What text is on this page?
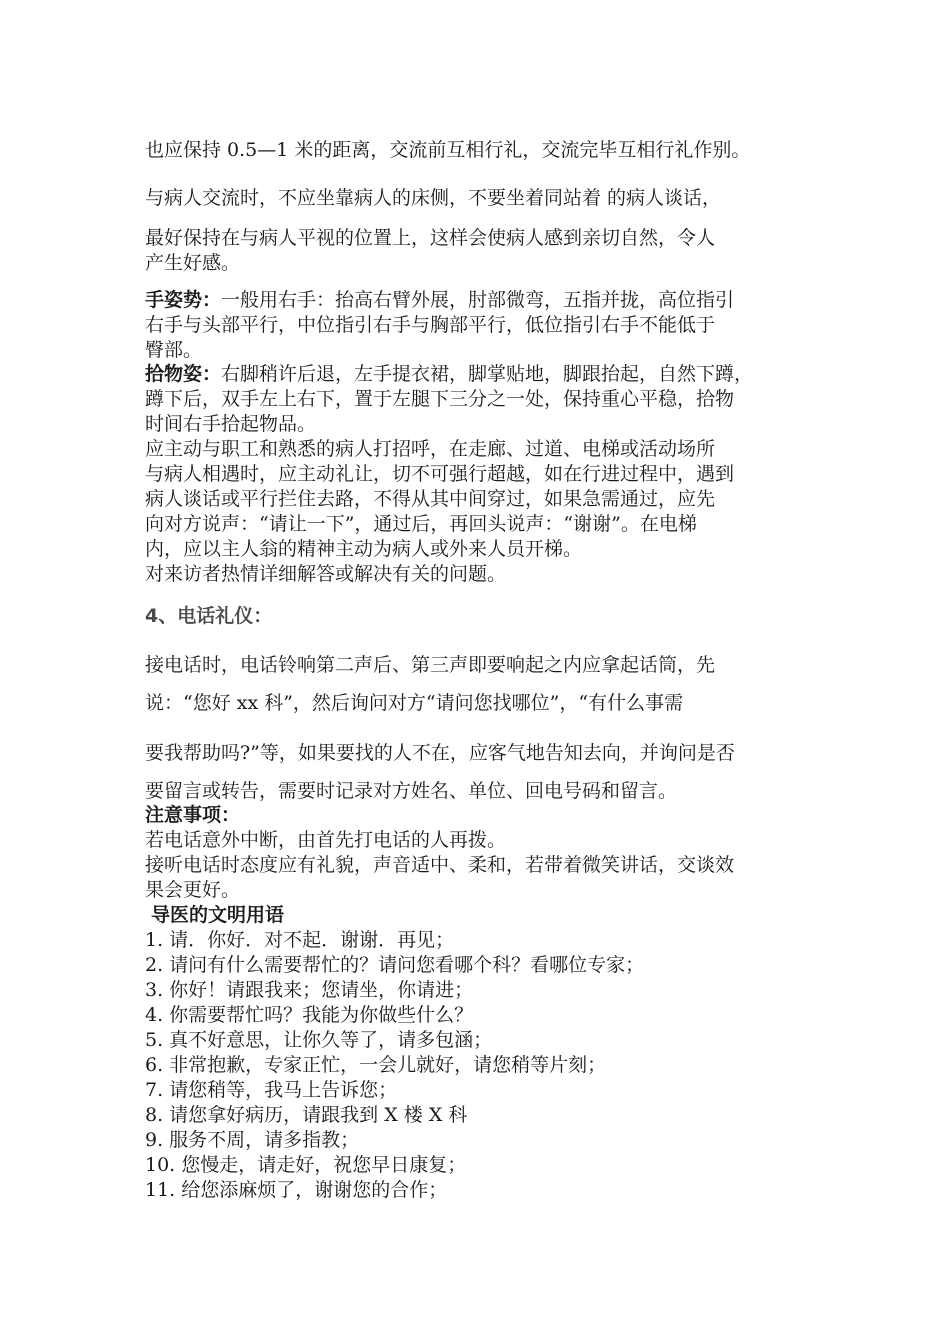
也应保持 0.5—1 米的距离，交流前互相行礼，交流完毕互相行礼作别。
与病人交流时，不应坐靠病人的床侧，不要坐着同站着 的病人谈话，
最好保持在与病人平视的位置上，这样会使病人感到亲切自然，令人
产生好感。
手姿势：一般用右手：抬高右臂外展，肘部微弯，五指并拢，高位指引
右手与头部平行，中位指引右手与胸部平行，低位指引右手不能低于
臀部。
拾物姿：右脚稍许后退，左手提衣裙，脚掌贴地，脚跟抬起，自然下蹲，
蹲下后，双手左上右下，置于左腿下三分之一处，保持重心平稳，拾物
时间右手拾起物品。
应主动与职工和熟悉的病人打招呼，在走廊、过道、电梯或活动场所
与病人相遇时，应主动礼让，切不可强行超越，如在行进过程中，遇到
病人谈话或平行拦住去路，不得从其中间穿过，如果急需通过，应先
向对方说声：“请让一下”，通过后，再回头说声：“谢谢”。在电梯
内，应以主人翁的精神主动为病人或外来人员开梯。
对来访者热情详细解答或解决有关的问题。
4、电话礼仪：
接电话时，电话铃响第二声后、第三声即要响起之内应拿起话筒，先
说：“您好 xx 科”，然后询问对方“请问您找哪位”，“有什么事需
要我帮助吗?”等，如果要找的人不在，应客气地告知去向，并询问是否
要留言或转告，需要时记录对方姓名、单位、回电号码和留言。
注意事项：
若电话意外中断，由首先打电话的人再拨。
接听电话时态度应有礼貌，声音适中、柔和，若带着微笑讲话，交谈效
果会更好。
导医的文明用语
1. 请．你好．对不起．谢谢．再见；
2. 请问有什么需要帮忙的？请问您看哪个科？看哪位专家；
3. 你好！请跟我来；您请坐，你请进；
4. 你需要帮忙吗？我能为你做些什么？
5. 真不好意思，让你久等了，请多包涵；
6. 非常抱歉，专家正忙，一会儿就好，请您稍等片刻；
7. 请您稍等，我马上告诉您；
8. 请您拿好病历，请跟我到 X 楼 X 科
9. 服务不周，请多指教；
10. 您慢走，请走好，祝您早日康复；
11. 给您添麻烦了，谢谢您的合作；
